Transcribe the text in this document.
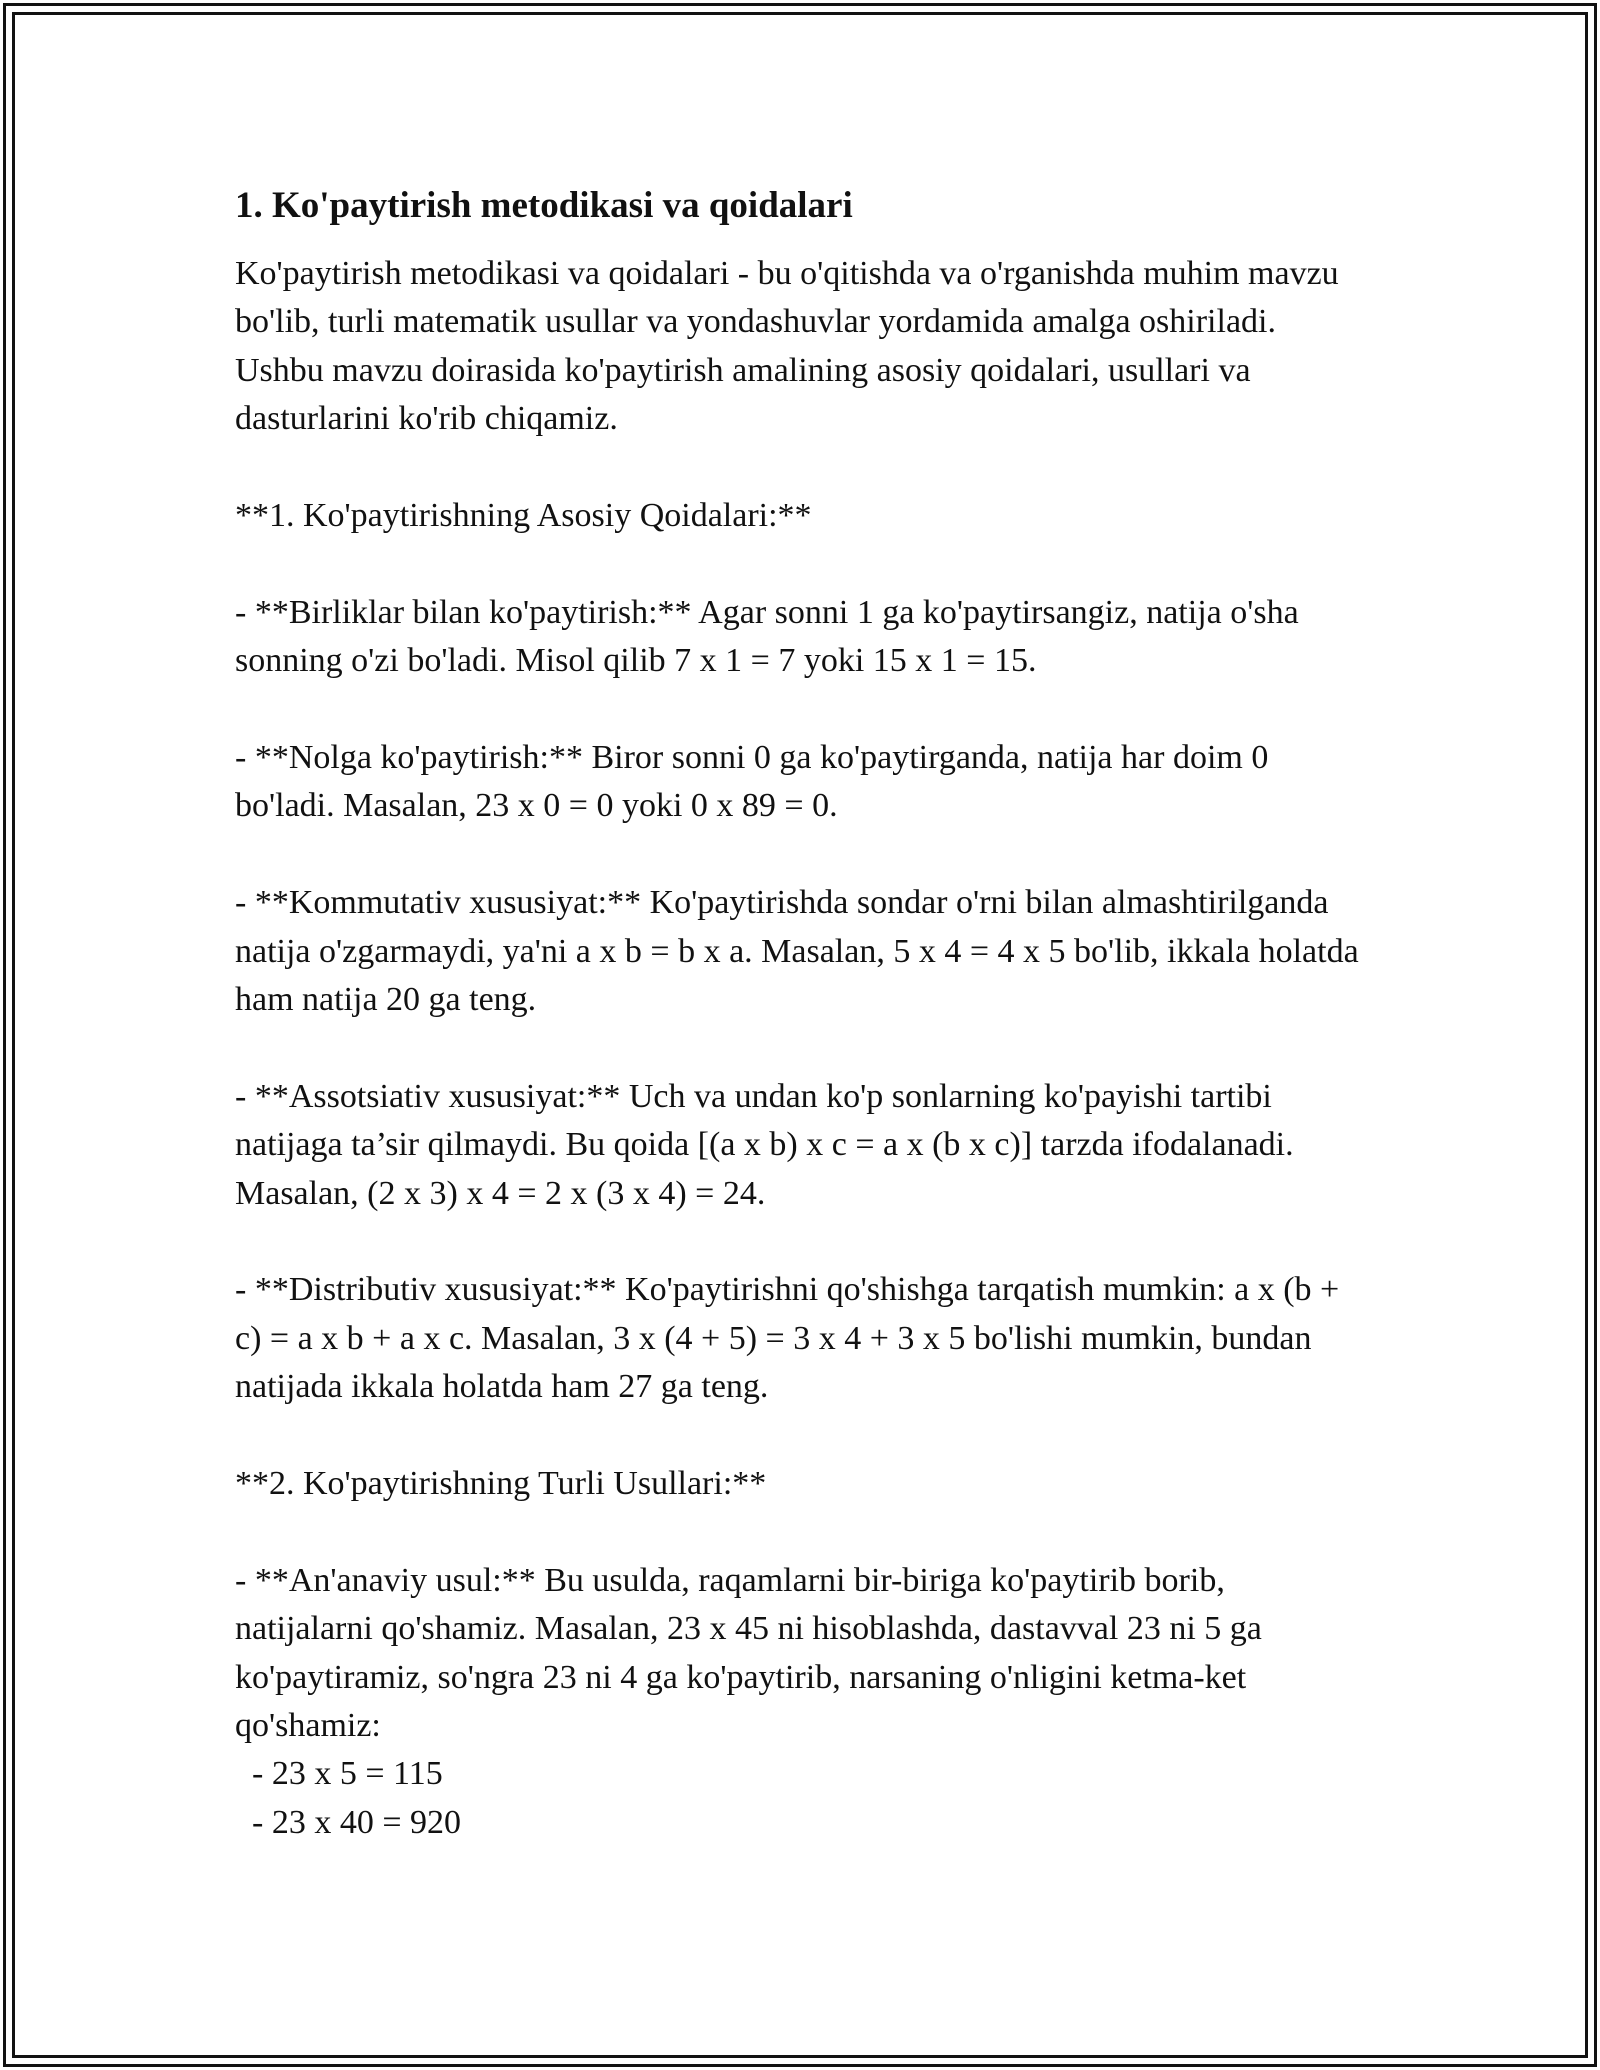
1. Ko'paytirish metodikasi va qoidalari

Ko'paytirish metodikasi va qoidalari - bu o'qitishda va o'rganishda muhim mavzu bo'lib, turli matematik usullar va yondashuvlar yordamida amalga oshiriladi. Ushbu mavzu doirasida ko'paytirish amalining asosiy qoidalari, usullari va dasturlarini ko'rib chiqamiz.

**1. Ko'paytirishning Asosiy Qoidalari:**

- **Birliklar bilan ko'paytirish:** Agar sonni 1 ga ko'paytirsangiz, natija o'sha sonning o'zi bo'ladi. Misol qilib 7 x 1 = 7 yoki 15 x 1 = 15.

- **Nolga ko'paytirish:** Biror sonni 0 ga ko'paytirganda, natija har doim 0 bo'ladi. Masalan, 23 x 0 = 0 yoki 0 x 89 = 0.

- **Kommutativ xususiyat:** Ko'paytirishda sondar o'rni bilan almashtirilganda natija o'zgarmaydi, ya'ni a x b = b x a. Masalan, 5 x 4 = 4 x 5 bo'lib, ikkala holatda ham natija 20 ga teng.

- **Assotsiativ xususiyat:** Uch va undan ko'p sonlarning ko'payishi tartibi natijaga ta’sir qilmaydi. Bu qoida [(a x b) x c = a x (b x c)] tarzda ifodalanadi. Masalan, (2 x 3) x 4 = 2 x (3 x 4) = 24.

- **Distributiv xususiyat:** Ko'paytirishni qo'shishga tarqatish mumkin: a x (b + c) = a x b + a x c. Masalan, 3 x (4 + 5) = 3 x 4 + 3 x 5 bo'lishi mumkin, bundan natijada ikkala holatda ham 27 ga teng.

**2. Ko'paytirishning Turli Usullari:**

- **An'anaviy usul:** Bu usulda, raqamlarni bir-biriga ko'paytirib borib, natijalarni qo'shamiz. Masalan, 23 x 45 ni hisoblashda, dastavval 23 ni 5 ga ko'paytiramiz, so'ngra 23 ni 4 ga ko'paytirib, narsaning o'nligini ketma-ket qo'shamiz:

- 23 x 5 = 115

- 23 x 40 = 920
